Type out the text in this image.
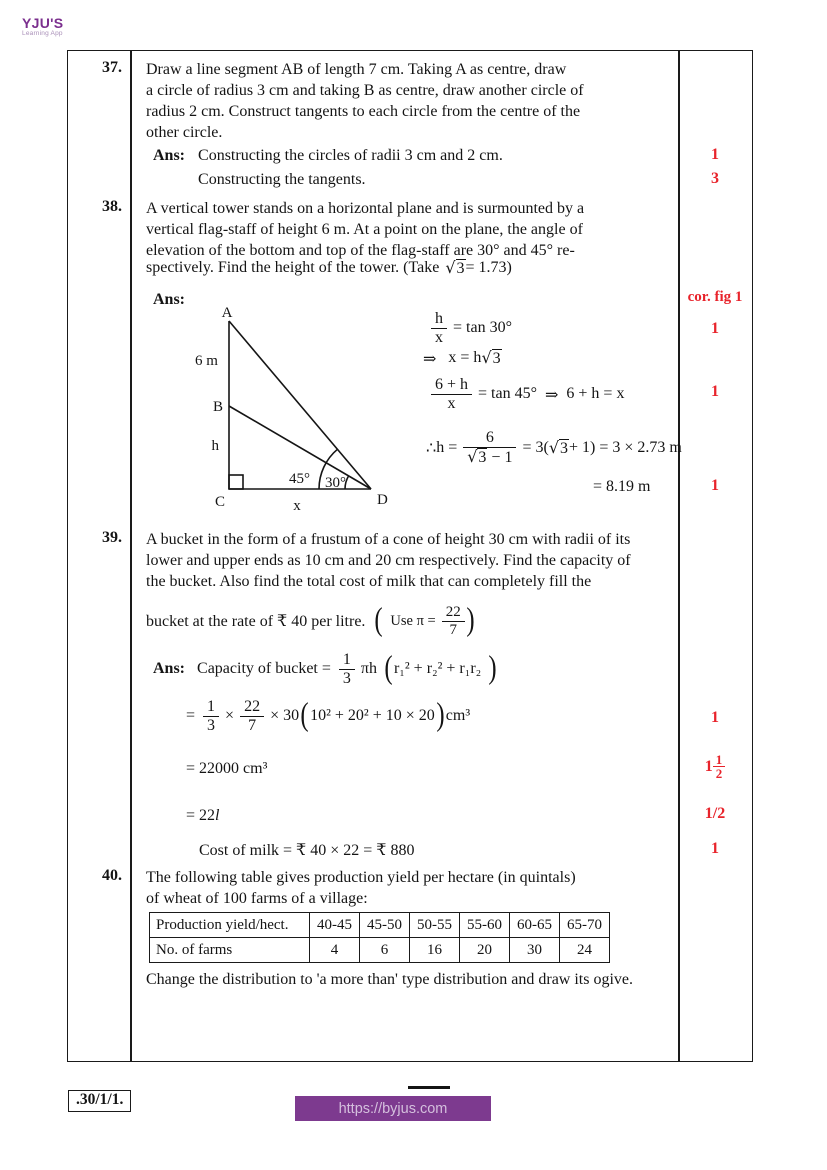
YJU'S
Learning App
37. Draw a line segment AB of length 7 cm. Taking A as centre, draw
a circle of radius 3 cm and taking B as centre, draw another circle of
radius 2 cm. Construct tangents to each circle from the centre of the
other circle.
Ans: Constructing the circles of radii 3 cm and 2 cm.
Constructing the tangents.
1
3
38. A vertical tower stands on a horizontal plane and is surmounted by a
vertical flag-staff of height 6 m. At a point on the plane, the angle of
elevation of the bottom and top of the flag-staff are 30° and 45° re-
spectively. Find the height of the tower. (Take √3 = 1.73)
Ans:
A
6 m
B
h
C	D
x
45° 30°
$\frac{h}{x} = \tan 30^\circ$
⇒ x = h √3
$\frac{6 + h}{x} = \tan 45^\circ$ ⇒ 6 + h = x
∴ $h = \frac{6}{√3 - 1} = 3$( √3 + 1) = 3 × 2.73 m
= 8.19 m
cor. fig 1
1
1
1
39. A bucket in the form of a frustum of a cone of height 30 cm with radii of its
lower and upper ends as 10 cm and 20 cm respectively. Find the capacity of
the bucket. Also find the total cost of milk that can completely fill the
bucket at the rate of ₹ 40 per litre. ( Use $\pi = \frac{22}{7}$ )
Ans: Capacity of bucket = $\frac{1}{3}$ πh ( r₁² + r₂² + r₁r₂ )
= $\frac{1}{3} \times \frac{22}{7} \times 30$ ( 10² + 20² + 10 × 20 ) cm³
= 22000 cm³
= 22l
Cost of milk = ₹ 40 × 22 = ₹ 880
1
$1 \frac{1}{2}$
1/2
1
40. The following table gives production yield per hectare (in quintals)
of wheat of 100 farms of a village:
Production yield/hect.	40-45	45-50	50-55	55-60	60-65	65-70
No. of farms	4	6	16	20	30	24
Change the distribution to 'a more than' type distribution and draw its ogive.
.30/1/1.
https://byjus.com
